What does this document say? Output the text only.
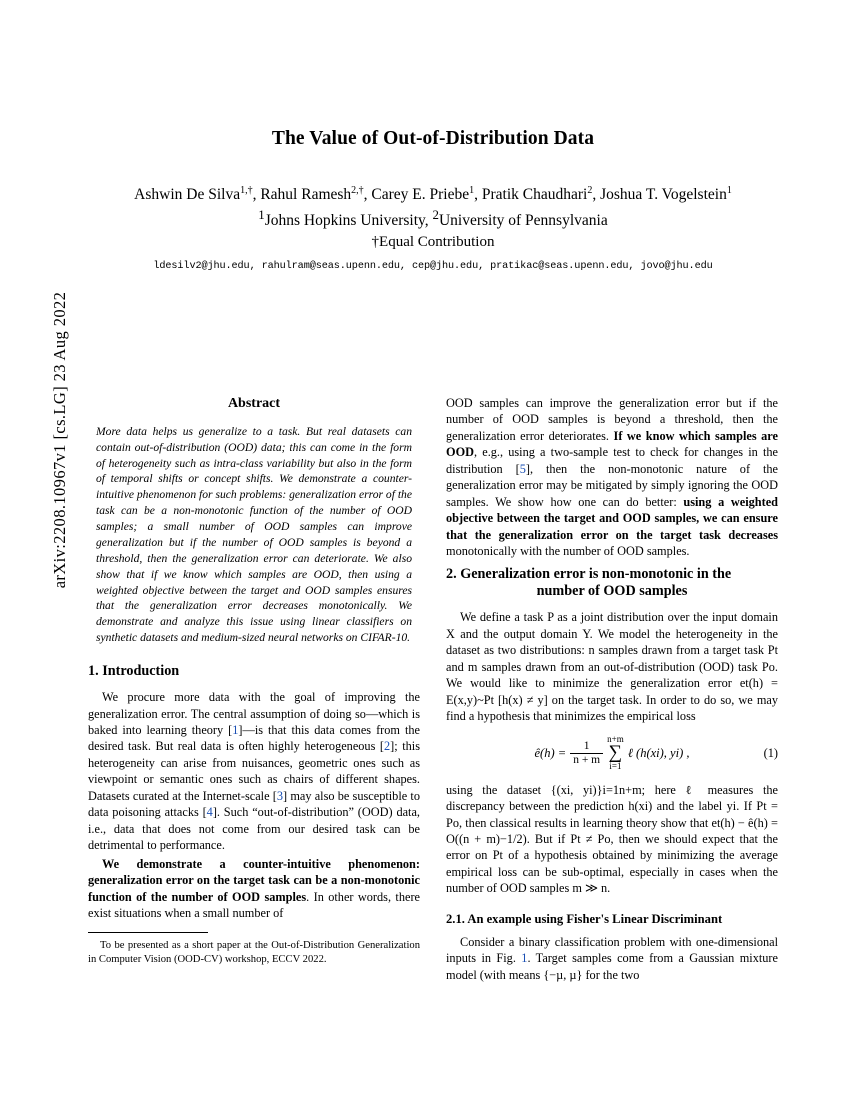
arXiv:2208.10967v1 [cs.LG] 23 Aug 2022
The Value of Out-of-Distribution Data
Ashwin De Silva$^{1,\dagger}$, Rahul Ramesh$^{2,\dagger}$, Carey E. Priebe$^1$, Pratik Chaudhari$^2$, Joshua T. Vogelstein$^1$
$^1$Johns Hopkins University, $^2$University of Pennsylvania
†Equal Contribution
ldesilv2@jhu.edu, rahulram@seas.upenn.edu, cep@jhu.edu, pratikac@seas.upenn.edu, jovo@jhu.edu
Abstract
More data helps us generalize to a task. But real datasets can contain out-of-distribution (OOD) data; this can come in the form of heterogeneity such as intra-class variability but also in the form of temporal shifts or concept shifts. We demonstrate a counter-intuitive phenomenon for such problems: generalization error of the task can be a non-monotonic function of the number of OOD samples; a small number of OOD samples can improve generalization but if the number of OOD samples is beyond a threshold, then the generalization error can deteriorate. We also show that if we know which samples are OOD, then using a weighted objective between the target and OOD samples ensures that the generalization error decreases monotonically. We demonstrate and analyze this issue using linear classifiers on synthetic datasets and medium-sized neural networks on CIFAR-10.
1. Introduction

We procure more data with the goal of improving the generalization error. The central assumption of doing so—which is baked into learning theory [1]—is that this data comes from the desired task. But real data is often highly heterogeneous [2]; this heterogeneity can arise from nuisances, geometric ones such as viewpoint or semantic ones such as chairs of different shapes. Datasets curated at the Internet-scale [3] may also be susceptible to data poisoning attacks [4]. Such “out-of-distribution” (OOD) data, i.e., data that does not come from our desired task can be detrimental to performance.

We demonstrate a counter-intuitive phenomenon: generalization error on the target task can be a non-monotonic function of the number of OOD samples. In other words, there exist situations when a small number of

To be presented as a short paper at the Out-of-Distribution Generalization in Computer Vision (OOD-CV) workshop, ECCV 2022.

OOD samples can improve the generalization error but if the number of OOD samples is beyond a threshold, then the generalization error deteriorates. If we know which samples are OOD, e.g., using a two-sample test to check for changes in the distribution [5], then the non-monotonic nature of the generalization error may be mitigated by simply ignoring the OOD samples. We show how one can do better: using a weighted objective between the target and OOD samples, we can ensure that the generalization error on the target task decreases monotonically with the number of OOD samples.

2. Generalization error is non-monotonic in the
number of OOD samples

We define a task P as a joint distribution over the input domain X and the output domain Y. We model the heterogeneity in the dataset as two distributions: n samples drawn from a target task Pt and m samples drawn from an out-of-distribution (OOD) task Po. We would like to minimize the generalization error et(h) = E(x,y)~Pt [h(x) ≠ y] on the target task. In order to do so, we may find a hypothesis that minimizes the empirical loss

ê(h) = $\frac{1}{n + m}$
n+m
∑
i=1
ℓ (h(xi), yi) ,	(1)

using the dataset {(xi, yi)}i=1n+m; here ℓ measures the discrepancy between the prediction h(xi) and the label yi. If Pt = Po, then classical results in learning theory show that et(h) − ê(h) = O((n + m)−1/2). But if Pt ≠ Po, then we should expect that the error on Pt of a hypothesis obtained by minimizing the average empirical loss can be sub-optimal, especially in cases when the number of OOD samples m ≫ n.

2.1. An example using Fisher's Linear Discriminant

Consider a binary classification problem with one-dimensional inputs in Fig. 1. Target samples come from a Gaussian mixture model (with means {−µ, µ} for the two
